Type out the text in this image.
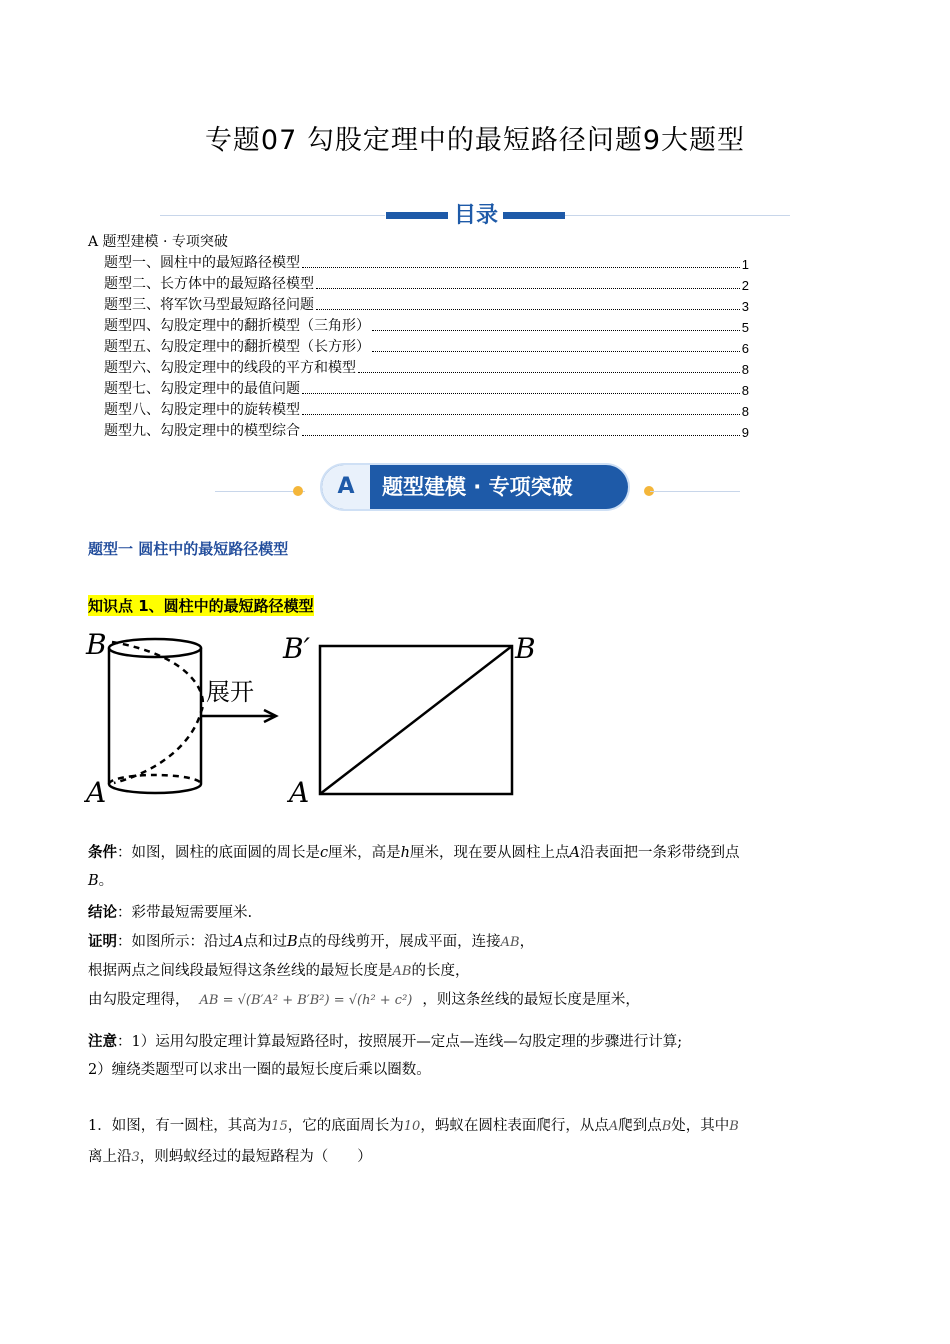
专题07 勾股定理中的最短路径问题9大题型
目录
A 题型建模 · 专项突破
题型一、圆柱中的最短路径模型	1
题型二、长方体中的最短路径模型	2
题型三、将军饮马型最短路径问题	3
题型四、勾股定理中的翻折模型（三角形）	5
题型五、勾股定理中的翻折模型（长方形）	6
题型六、勾股定理中的线段的平方和模型	8
题型七、勾股定理中的最值问题	8
题型八、勾股定理中的旋转模型	8
题型九、勾股定理中的模型综合	9
A	题型建模 · 专项突破
题型一 圆柱中的最短路径模型
知识点 1、圆柱中的最短路径模型
展开
B
A
B′	B
A
条件：如图，圆柱的底面圆的周长是c厘米，高是h厘米，现在要从圆柱上点A沿表面把一条彩带绕到点
B。
结论：彩带最短需要厘米.
证明：如图所示：沿过A点和过B点的母线剪开，展成平面，连接AB，
根据两点之间线段最短得这条丝线的最短长度是AB的长度，
由勾股定理得， AB = √(B′A² + B′B²) = √(h² + c²) ，则这条丝线的最短长度是厘米，
注意：1）运用勾股定理计算最短路径时，按照展开—定点—连线—勾股定理的步骤进行计算;
2）缠绕类题型可以求出一圈的最短长度后乘以圈数。
1．如图，有一圆柱，其高为15，它的底面周长为10，蚂蚁在圆柱表面爬行，从点A爬到点B处，其中B
离上沿3，则蚂蚁经过的最短路程为（　　）
